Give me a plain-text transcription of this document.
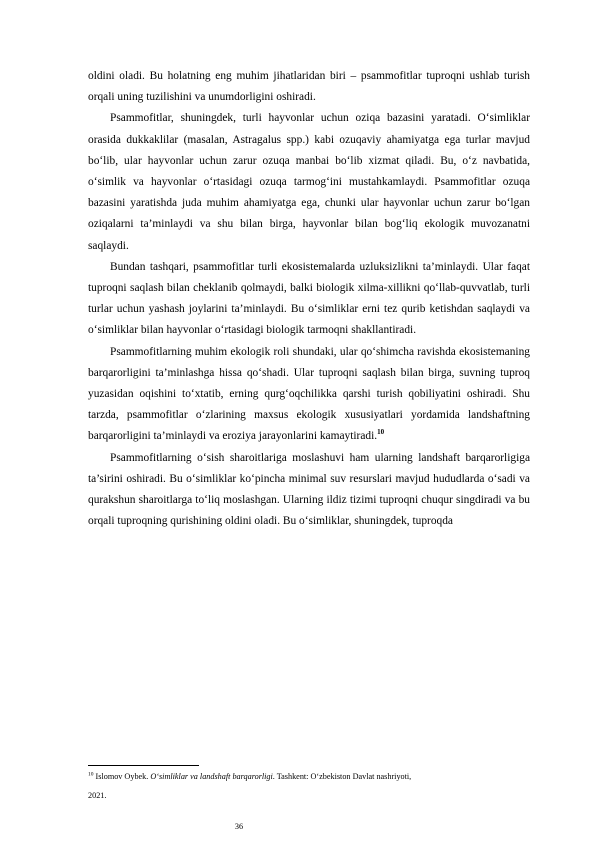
oldini oladi. Bu holatning eng muhim jihatlaridan biri – psammofitlar tuproqni ushlab turish orqali uning tuzilishini va unumdorligini oshiradi.

Psammofitlar, shuningdek, turli hayvonlar uchun oziqa bazasini yaratadi. O‘simliklar orasida dukkaklilar (masalan, Astragalus spp.) kabi ozuqaviy ahamiyatga ega turlar mavjud bo‘lib, ular hayvonlar uchun zarur ozuqa manbai bo‘lib xizmat qiladi. Bu, o‘z navbatida, o‘simlik va hayvonlar o‘rtasidagi ozuqa tarmog‘ini mustahkamlaydi. Psammofitlar ozuqa bazasini yaratishda juda muhim ahamiyatga ega, chunki ular hayvonlar uchun zarur bo‘lgan oziqalarni ta’minlaydi va shu bilan birga, hayvonlar bilan bog‘liq ekologik muvozanatni saqlaydi.

Bundan tashqari, psammofitlar turli ekosistemalarda uzluksizlikni ta’minlaydi. Ular faqat tuproqni saqlash bilan cheklanib qolmaydi, balki biologik xilma-xillikni qo‘llab-quvvatlab, turli turlar uchun yashash joylarini ta’minlaydi. Bu o‘simliklar erni tez qurib ketishdan saqlaydi va o‘simliklar bilan hayvonlar o‘rtasidagi biologik tarmoqni shakllantiradi.

Psammofitlarning muhim ekologik roli shundaki, ular qo‘shimcha ravishda ekosistemaning barqarorligini ta’minlashga hissa qo‘shadi. Ular tuproqni saqlash bilan birga, suvning tuproq yuzasidan oqishini to‘xtatib, erning qurg‘oqchilikka qarshi turish qobiliyatini oshiradi. Shu tarzda, psammofitlar o‘zlarining maxsus ekologik xususiyatlari yordamida landshaftning barqarorligini ta’minlaydi va eroziya jarayonlarini kamaytiradi.$^{10}$

Psammofitlarning o‘sish sharoitlariga moslashuvi ham ularning landshaft barqarorligiga ta’sirini oshiradi. Bu o‘simliklar ko‘pincha minimal suv resurslari mavjud hududlarda o‘sadi va qurakshun sharoitlarga to‘liq moslashgan. Ularning ildiz tizimi tuproqni chuqur singdiradi va bu orqali tuproqning qurishining oldini oladi. Bu o‘simliklar, shuningdek, tuproqda

$^{10}$ Islomov Oybek. O‘simliklar va landshaft barqarorligi. Tashkent: O‘zbekiston Davlat nashriyoti,
2021.
36
